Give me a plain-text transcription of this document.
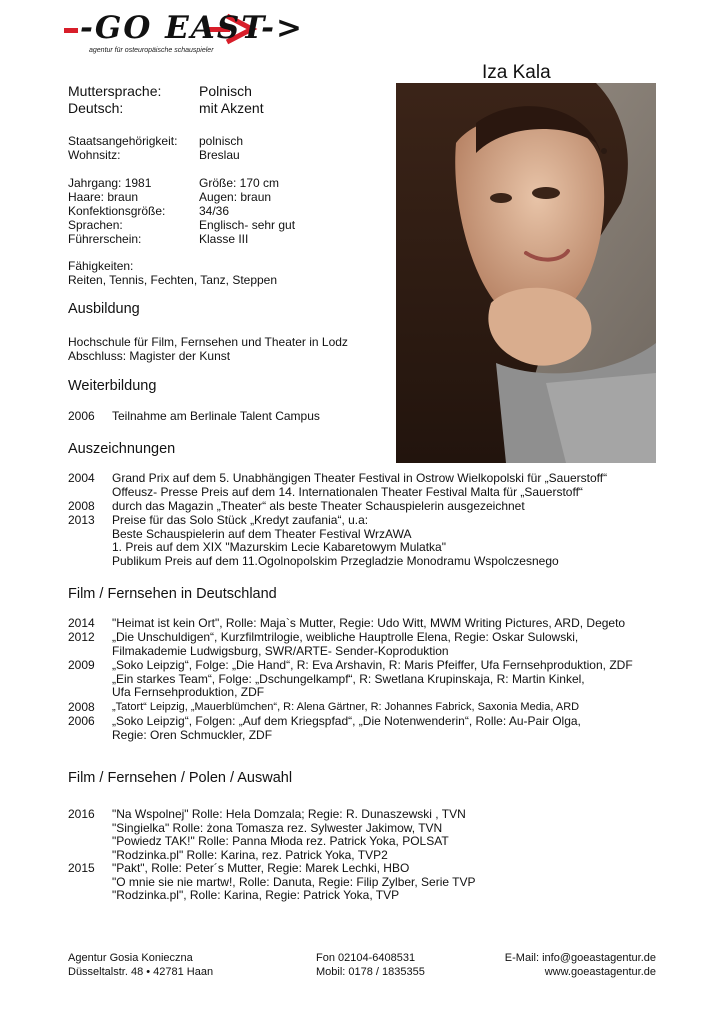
-GO EAST->
agentur für osteuropäische schauspieler
Iza Kala
Muttersprache:	Polnisch
Deutsch:	mit Akzent
Staatsangehörigkeit: polnisch
Wohnsitz:	Breslau
Jahrgang: 1981	Größe: 170 cm
Haare: braun	Augen: braun
Konfektionsgröße:	34/36
Sprachen:	Englisch- sehr gut
Führerschein:	Klasse III
Fähigkeiten:
Reiten, Tennis, Fechten, Tanz, Steppen
Ausbildung
Hochschule für Film, Fernsehen und Theater in Lodz
Abschluss: Magister der Kunst
Weiterbildung
2006	Teilnahme am Berlinale Talent Campus
Auszeichnungen
2004	Grand Prix auf dem 5. Unabhängigen Theater Festival in Ostrow Wielkopolski für „Sauerstoff“
Offeusz- Presse Preis auf dem 14. Internationalen Theater Festival Malta für „Sauerstoff“
2008	durch das Magazin „Theater“ als beste Theater Schauspielerin ausgezeichnet
2013	Preise für das Solo Stück „Kredyt zaufania“, u.a:
Beste Schauspielerin auf dem Theater Festival WrzAWA
1. Preis auf dem XIX "Mazurskim Lecie Kabaretowym Mulatka"
Publikum Preis auf dem 11.Ogolnopolskim Przegladzie Monodramu Wspolczesnego
Film / Fernsehen in Deutschland
2014	"Heimat ist kein Ort", Rolle: Maja`s Mutter, Regie: Udo Witt, MWM Writing Pictures, ARD, Degeto
2012	„Die Unschuldigen“, Kurzfilmtrilogie, weibliche Hauptrolle Elena, Regie: Oskar Sulowski,
Filmakademie Ludwigsburg, SWR/ARTE- Sender-Koproduktion
2009	„Soko Leipzig“, Folge: „Die Hand“, R: Eva Arshavin, R: Maris Pfeiffer, Ufa Fernsehproduktion, ZDF
„Ein starkes Team“, Folge: „Dschungelkampf“, R: Swetlana Krupinskaja, R: Martin Kinkel,
Ufa Fernsehproduktion, ZDF
2008	„Tatort“ Leipzig, „Mauerblümchen“, R: Alena Gärtner, R: Johannes Fabrick, Saxonia Media, ARD
2006	„Soko Leipzig“, Folgen: „Auf dem Kriegspfad“, „Die Notenwenderin“, Rolle: Au-Pair Olga,
Regie: Oren Schmuckler, ZDF
Film / Fernsehen / Polen / Auswahl
2016	"Na Wspolnej" Rolle: Hela Domzala; Regie: R. Dunaszewski , TVN
"Singielka" Rolle: żona Tomasza rez. Sylwester Jakimow, TVN
"Powiedz TAK!" Rolle: Panna Młoda rez. Patrick Yoka, POLSAT
"Rodzinka.pl" Rolle: Karina, rez. Patrick Yoka, TVP2
2015	"Pakt", Rolle: Peter´s Mutter, Regie: Marek Lechki, HBO
"O mnie sie nie martw!, Rolle: Danuta, Regie: Filip Zylber, Serie TVP
"Rodzinka.pl", Rolle: Karina, Regie: Patrick Yoka, TVP
Agentur Gosia Konieczna
Düsseltalstr. 48 • 42781 Haan
Fon 02104-6408531
Mobil: 0178 / 1835355
E-Mail: info@goeastagentur.de
www.goeastagentur.de
